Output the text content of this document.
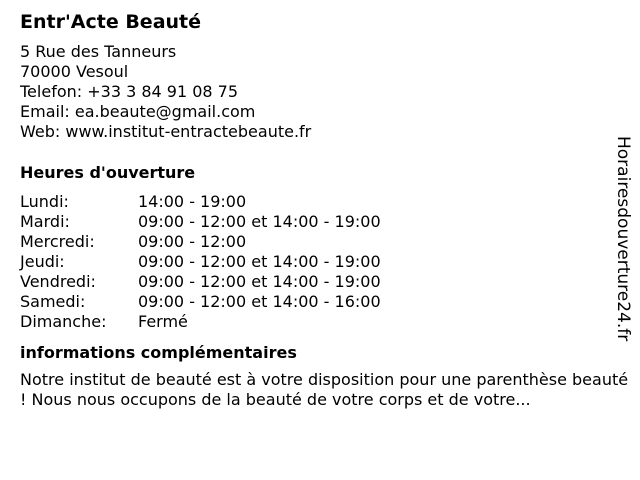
Entr'Acte Beauté
5 Rue des Tanneurs
70000 Vesoul
Telefon: +33 3 84 91 08 75
Email: ea.beaute@gmail.com
Web: www.institut-entractebeaute.fr
Heures d'ouverture
Lundi:	14:00 - 19:00
Mardi:	09:00 - 12:00 et 14:00 - 19:00
Mercredi:	09:00 - 12:00
Jeudi:	09:00 - 12:00 et 14:00 - 19:00
Vendredi:	09:00 - 12:00 et 14:00 - 19:00
Samedi:	09:00 - 12:00 et 14:00 - 16:00
Dimanche:	Fermé
informations complémentaires
Notre institut de beauté est à votre disposition pour une parenthèse beauté ! Nous nous occupons de la beauté de votre corps et de votre...
Horairesdouverture24.fr
